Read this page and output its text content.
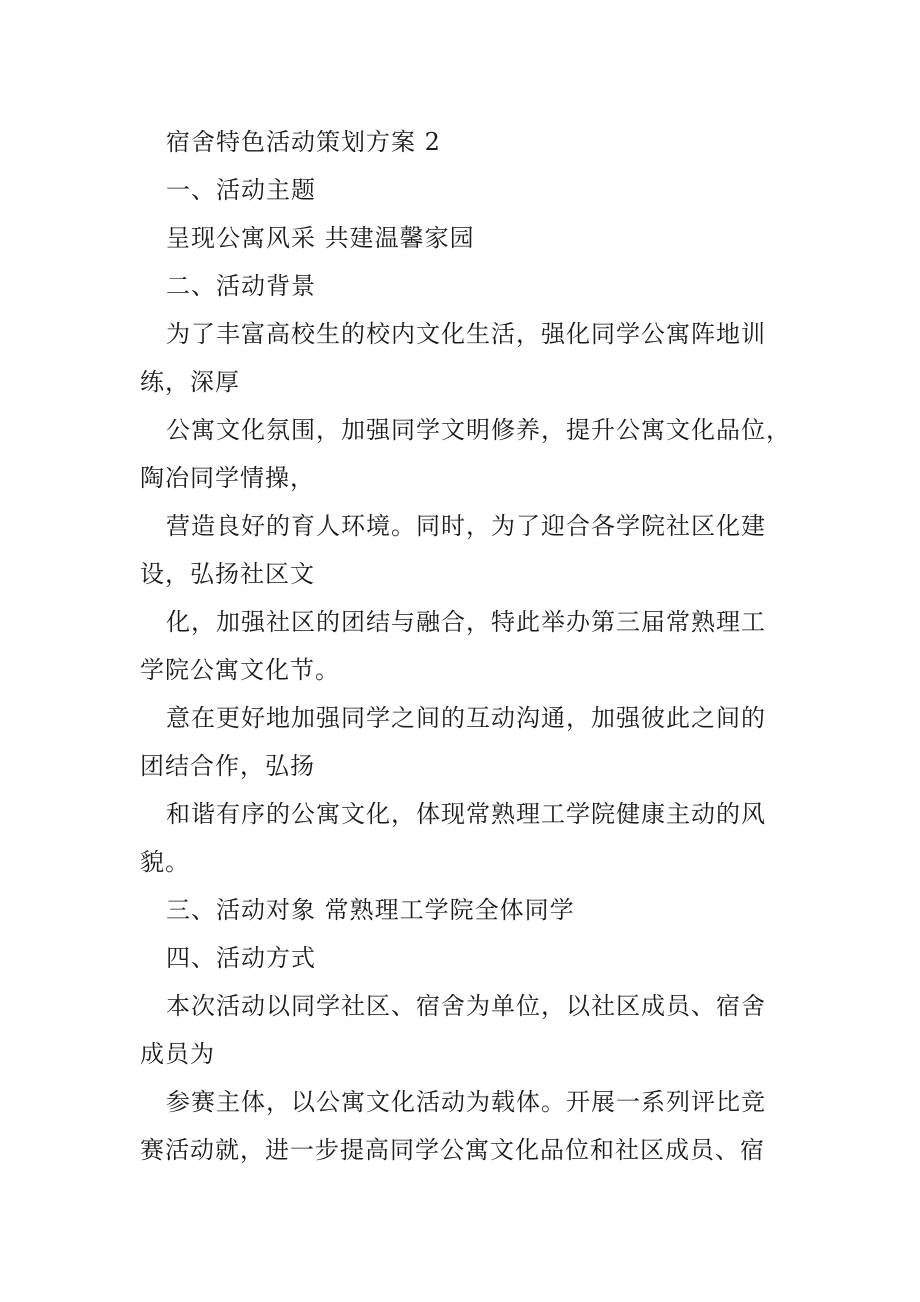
宿舍特色活动策划方案 2

一、活动主题

呈现公寓风采 共建温馨家园

二、活动背景

为了丰富高校生的校内文化生活，强化同学公寓阵地训

练，深厚

公寓文化氛围，加强同学文明修养，提升公寓文化品位，

陶冶同学情操，

营造良好的育人环境。同时，为了迎合各学院社区化建

设，弘扬社区文

化，加强社区的团结与融合，特此举办第三届常熟理工

学院公寓文化节。

意在更好地加强同学之间的互动沟通，加强彼此之间的

团结合作，弘扬

和谐有序的公寓文化，体现常熟理工学院健康主动的风

貌。

三、活动对象 常熟理工学院全体同学

四、活动方式

本次活动以同学社区、宿舍为单位，以社区成员、宿舍

成员为

参赛主体，以公寓文化活动为载体。开展一系列评比竞

赛活动就，进一步提高同学公寓文化品位和社区成员、宿
